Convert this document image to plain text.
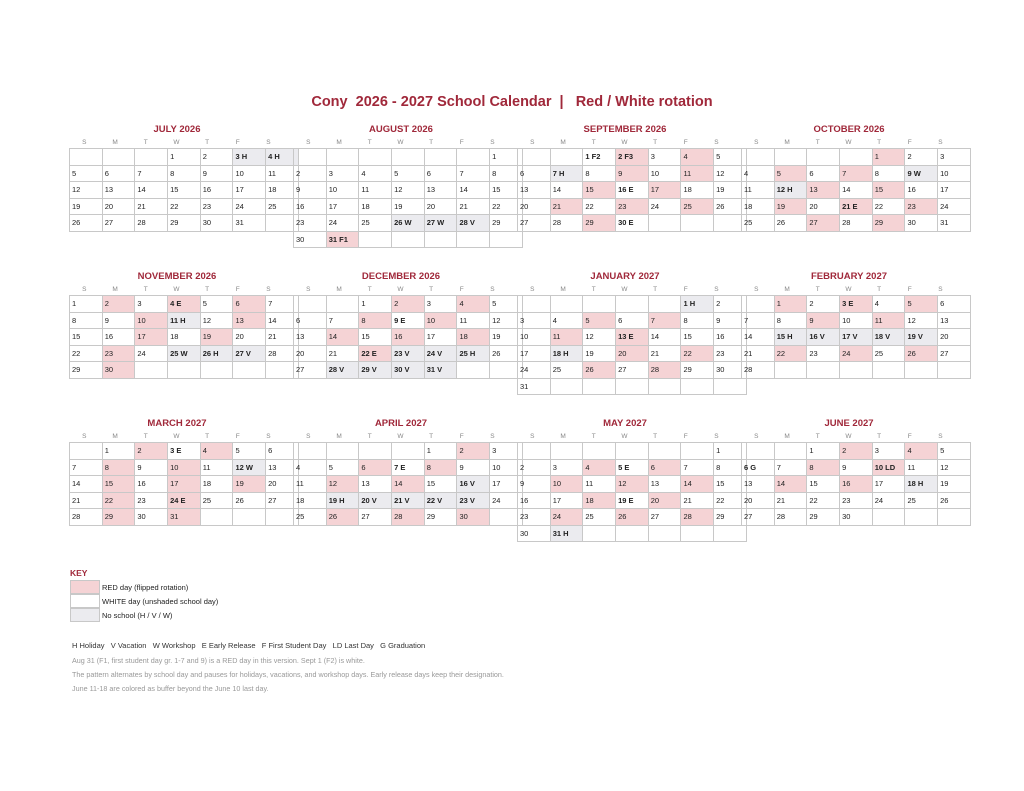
Cony  2026 - 2027 School Calendar  |   Red / White rotation
JULY 2026
S	M	T	W	T	F	S
			1	2	3 H	4 H
5	6	7	8	9	10	11
12	13	14	15	16	17	18
19	20	21	22	23	24	25
26	27	28	29	30	31	
AUGUST 2026
S	M	T	W	T	F	S
						1
2	3	4	5	6	7	8
9	10	11	12	13	14	15
16	17	18	19	20	21	22
23	24	25	26 W	27 W	28 V	29
30	31 F1					
SEPTEMBER 2026
S	M	T	W	T	F	S
		1 F2	2 F3	3	4	5
6	7 H	8	9	10	11	12
13	14	15	16 E	17	18	19
20	21	22	23	24	25	26
27	28	29	30 E			
OCTOBER 2026
S	M	T	W	T	F	S
				1	2	3
4	5	6	7	8	9 W	10
11	12 H	13	14	15	16	17
18	19	20	21 E	22	23	24
25	26	27	28	29	30	31
NOVEMBER 2026
S	M	T	W	T	F	S
1	2	3	4 E	5	6	7
8	9	10	11 H	12	13	14
15	16	17	18	19	20	21
22	23	24	25 W	26 H	27 V	28
29	30					
DECEMBER 2026
S	M	T	W	T	F	S
		1	2	3	4	5
6	7	8	9 E	10	11	12
13	14	15	16	17	18	19
20	21	22 E	23 V	24 V	25 H	26
27	28 V	29 V	30 V	31 V		
JANUARY 2027
S	M	T	W	T	F	S
					1 H	2
3	4	5	6	7	8	9
10	11	12	13 E	14	15	16
17	18 H	19	20	21	22	23
24	25	26	27	28	29	30
31						
FEBRUARY 2027
S	M	T	W	T	F	S
	1	2	3 E	4	5	6
7	8	9	10	11	12	13
14	15 H	16 V	17 V	18 V	19 V	20
21	22	23	24	25	26	27
28						
MARCH 2027
S	M	T	W	T	F	S
	1	2	3 E	4	5	6
7	8	9	10	11	12 W	13
14	15	16	17	18	19	20
21	22	23	24 E	25	26	27
28	29	30	31			
APRIL 2027
S	M	T	W	T	F	S
				1	2	3
4	5	6	7 E	8	9	10
11	12	13	14	15	16 V	17
18	19 H	20 V	21 V	22 V	23 V	24
25	26	27	28	29	30	
MAY 2027
S	M	T	W	T	F	S
						1
2	3	4	5 E	6	7	8
9	10	11	12	13	14	15
16	17	18	19 E	20	21	22
23	24	25	26	27	28	29
30	31 H					
JUNE 2027
S	M	T	W	T	F	S
		1	2	3	4	5
6 G	7	8	9	10 LD	11	12
13	14	15	16	17	18 H	19
20	21	22	23	24	25	26
27	28	29	30			
KEY
RED day (flipped rotation)
WHITE day (unshaded school day)
No school (H / V / W)
H Holiday   V Vacation   W Workshop   E Early Release   F First Student Day   LD Last Day   G Graduation
Aug 31 (F1, first student day gr. 1-7 and 9) is a RED day in this version. Sept 1 (F2) is white.
The pattern alternates by school day and pauses for holidays, vacations, and workshop days. Early release days keep their designation.
June 11-18 are colored as buffer beyond the June 10 last day.
